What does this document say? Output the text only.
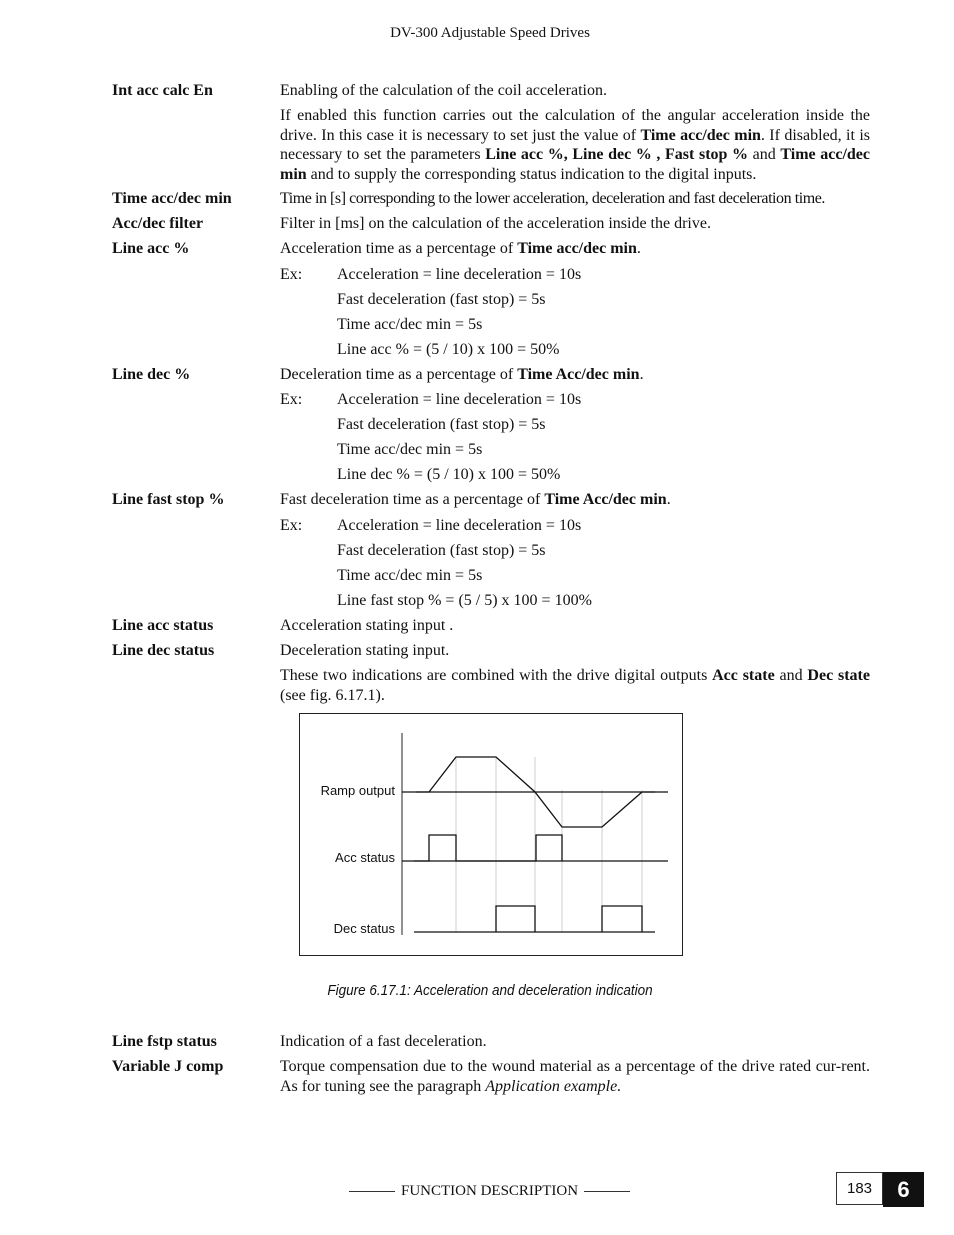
DV-300 Adjustable Speed Drives
Int acc calc En	Enabling of the calculation of the coil acceleration.
If enabled this function carries out the calculation of the angular acceleration inside the drive. In this case it is necessary to set just the value of Time acc/dec min. If disabled, it is necessary to set the parameters Line acc %, Line dec % , Fast stop % and Time acc/dec min and to supply the corresponding status indication to the digital inputs.
Time acc/dec min	Time in [s] corresponding to the lower acceleration, deceleration and fast deceleration time.
Acc/dec filter	Filter in [ms] on the calculation of the acceleration inside the drive.
Line acc %	Acceleration time as a percentage of Time acc/dec min.
Ex: Acceleration = line deceleration = 10s
Fast deceleration (fast stop) = 5s
Time acc/dec min = 5s
Line acc % = (5 / 10) x 100 = 50%
Line dec %	Deceleration time as a percentage of Time Acc/dec min.
Ex: Acceleration = line deceleration = 10s
Fast deceleration (fast stop) = 5s
Time acc/dec min = 5s
Line dec % = (5 / 10) x 100 = 50%
Line fast stop %	Fast deceleration time as a percentage of Time Acc/dec min.
Ex: Acceleration = line deceleration = 10s
Fast deceleration (fast stop) = 5s
Time acc/dec min = 5s
Line fast stop % = (5 / 5) x 100 = 100%
Line acc status	Acceleration stating input .
Line dec status	Deceleration stating input.
These two indications are combined with the drive digital outputs Acc state and Dec state (see fig. 6.17.1).
Ramp output
Acc status
Dec status
Figure 6.17.1: Acceleration and deceleration indication
Line fstp status	Indication of a fast deceleration.
Variable J comp	Torque compensation due to the wound material as a percentage of the drive rated cur-rent. As for tuning see the paragraph Application example.
FUNCTION DESCRIPTION	183	6
